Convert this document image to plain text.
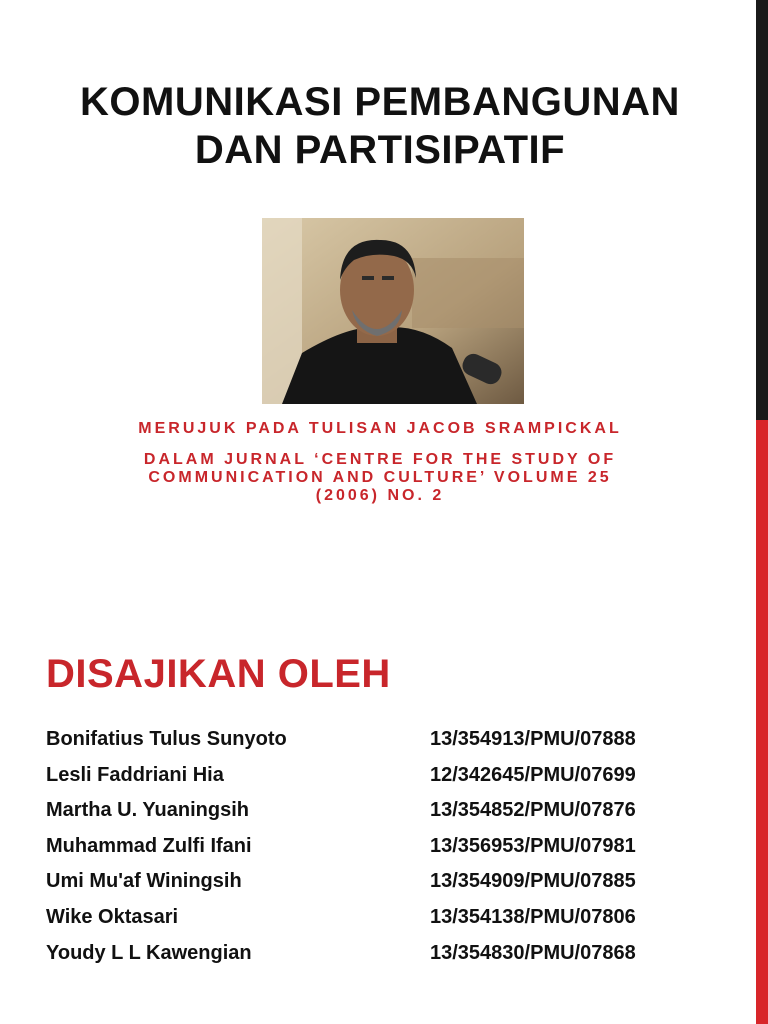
KOMUNIKASI PEMBANGUNAN
DAN PARTISIPATIF

MERUJUK PADA TULISAN JACOB SRAMPICKAL

DALAM JURNAL ‘CENTRE FOR THE STUDY OF
COMMUNICATION AND CULTURE’ VOLUME 25
(2006) NO. 2

DISAJIKAN OLEH
Bonifatius Tulus Sunyoto	13/354913/PMU/07888
Lesli Faddriani Hia	12/342645/PMU/07699
Martha U. Yuaningsih	13/354852/PMU/07876
Muhammad Zulfi Ifani	13/356953/PMU/07981
Umi Mu'af Winingsih	13/354909/PMU/07885
Wike Oktasari	13/354138/PMU/07806
Youdy L L Kawengian	13/354830/PMU/07868
